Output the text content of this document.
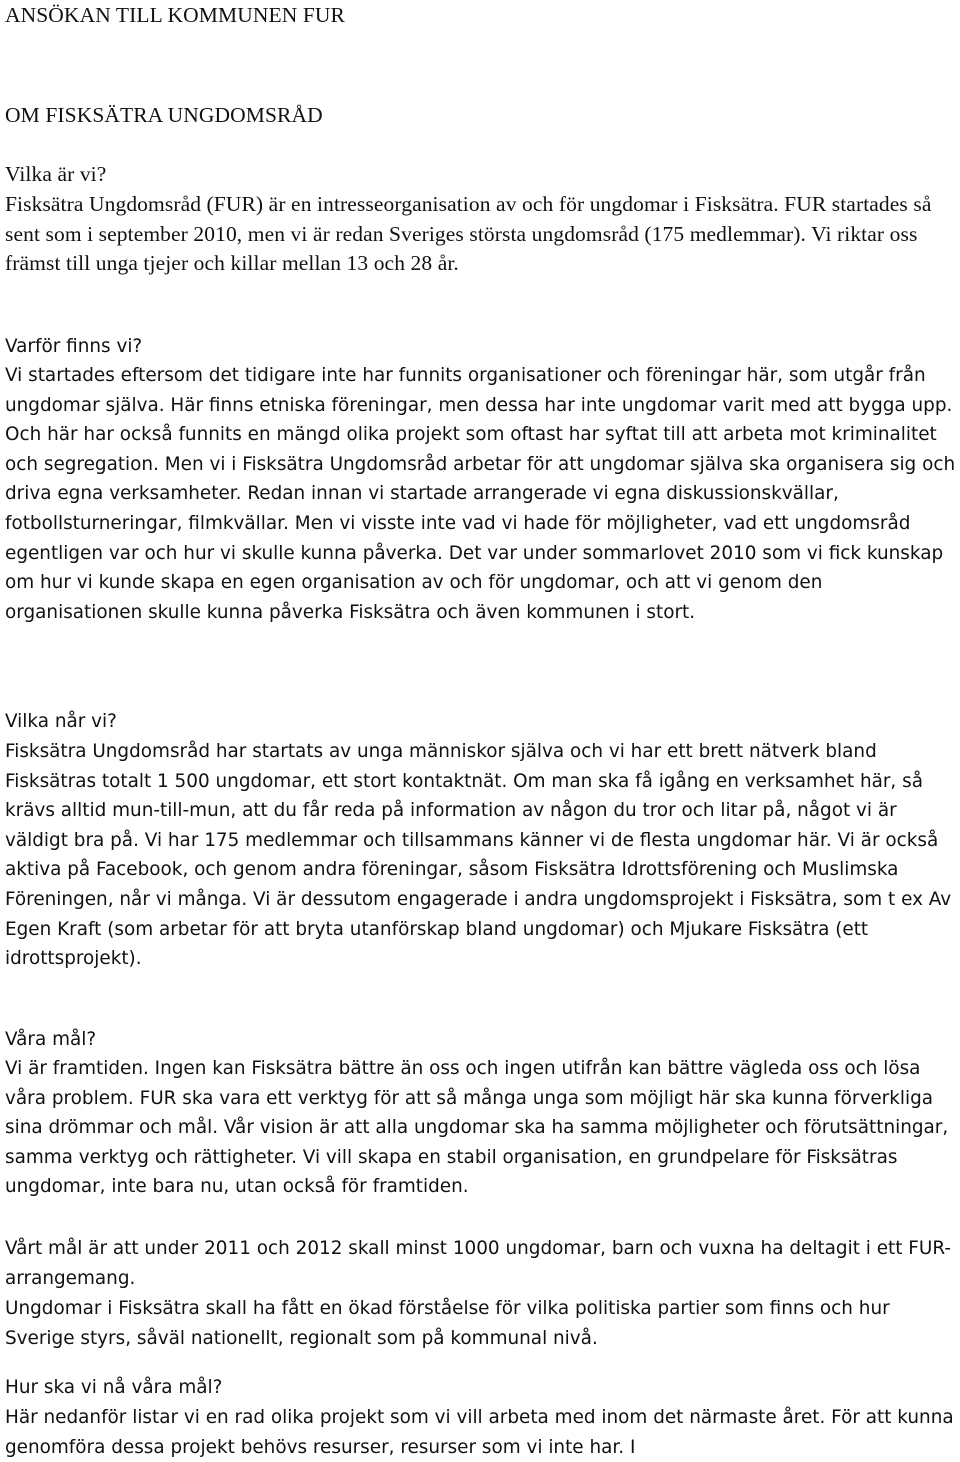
ANSÖKAN TILL KOMMUNEN FUR
OM FISKSÄTRA UNGDOMSRÅD
Vilka är vi?

Fisksätra Ungdomsråd (FUR) är en intresseorganisation av och för ungdomar i Fisksätra. FUR startades så sent som i september 2010, men vi är redan Sveriges största ungdomsråd (175 medlemmar). Vi riktar oss främst till unga tjejer och killar mellan 13 och 28 år.

Varför finns vi?

Vi startades eftersom det tidigare inte har funnits organisationer och föreningar här, som utgår från ungdomar själva. Här finns etniska föreningar, men dessa har inte ungdomar varit med att bygga upp. Och här har också funnits en mängd olika projekt som oftast har syftat till att arbeta mot kriminalitet och segregation. Men vi i Fisksätra Ungdomsråd arbetar för att ungdomar själva ska organisera sig och driva egna verksamheter. Redan innan vi startade arrangerade vi egna diskussionskvällar, fotbollsturneringar, filmkvällar. Men vi visste inte vad vi hade för möjligheter, vad ett ungdomsråd egentligen var och hur vi skulle kunna påverka. Det var under sommarlovet 2010 som vi fick kunskap om hur vi kunde skapa en egen organisation av och för ungdomar, och att vi genom den organisationen skulle kunna påverka Fisksätra och även kommunen i stort.

Vilka når vi?

Fisksätra Ungdomsråd har startats av unga människor själva och vi har ett brett nätverk bland Fisksätras totalt 1 500 ungdomar, ett stort kontaktnät. Om man ska få igång en verksamhet här, så krävs alltid mun-till-mun, att du får reda på information av någon du tror och litar på, något vi är väldigt bra på. Vi har 175 medlemmar och tillsammans känner vi de flesta ungdomar här. Vi är också aktiva på Facebook, och genom andra föreningar, såsom Fisksätra Idrottsförening och Muslimska Föreningen, når vi många. Vi är dessutom engagerade i andra ungdomsprojekt i Fisksätra, som t ex Av Egen Kraft (som arbetar för att bryta utanförskap bland ungdomar) och Mjukare Fisksätra (ett idrottsprojekt).

Våra mål?

Vi är framtiden. Ingen kan Fisksätra bättre än oss och ingen utifrån kan bättre vägleda oss och lösa våra problem. FUR ska vara ett verktyg för att så många unga som möjligt här ska kunna förverkliga sina drömmar och mål. Vår vision är att alla ungdomar ska ha samma möjligheter och förutsättningar, samma verktyg och rättigheter. Vi vill skapa en stabil organisation, en grundpelare för Fisksätras ungdomar, inte bara nu, utan också för framtiden.

Vårt mål är att under 2011 och 2012 skall minst 1000 ungdomar, barn och vuxna ha deltagit i ett FUR-arrangemang.

Ungdomar i Fisksätra skall ha fått en ökad förståelse för vilka politiska partier som finns och hur Sverige styrs, såväl nationellt, regionalt som på kommunal nivå.

Hur ska vi nå våra mål?

Här nedanför listar vi en rad olika projekt som vi vill arbeta med inom det närmaste året. För att kunna genomföra dessa projekt behövs resurser, resurser som vi inte har. I
